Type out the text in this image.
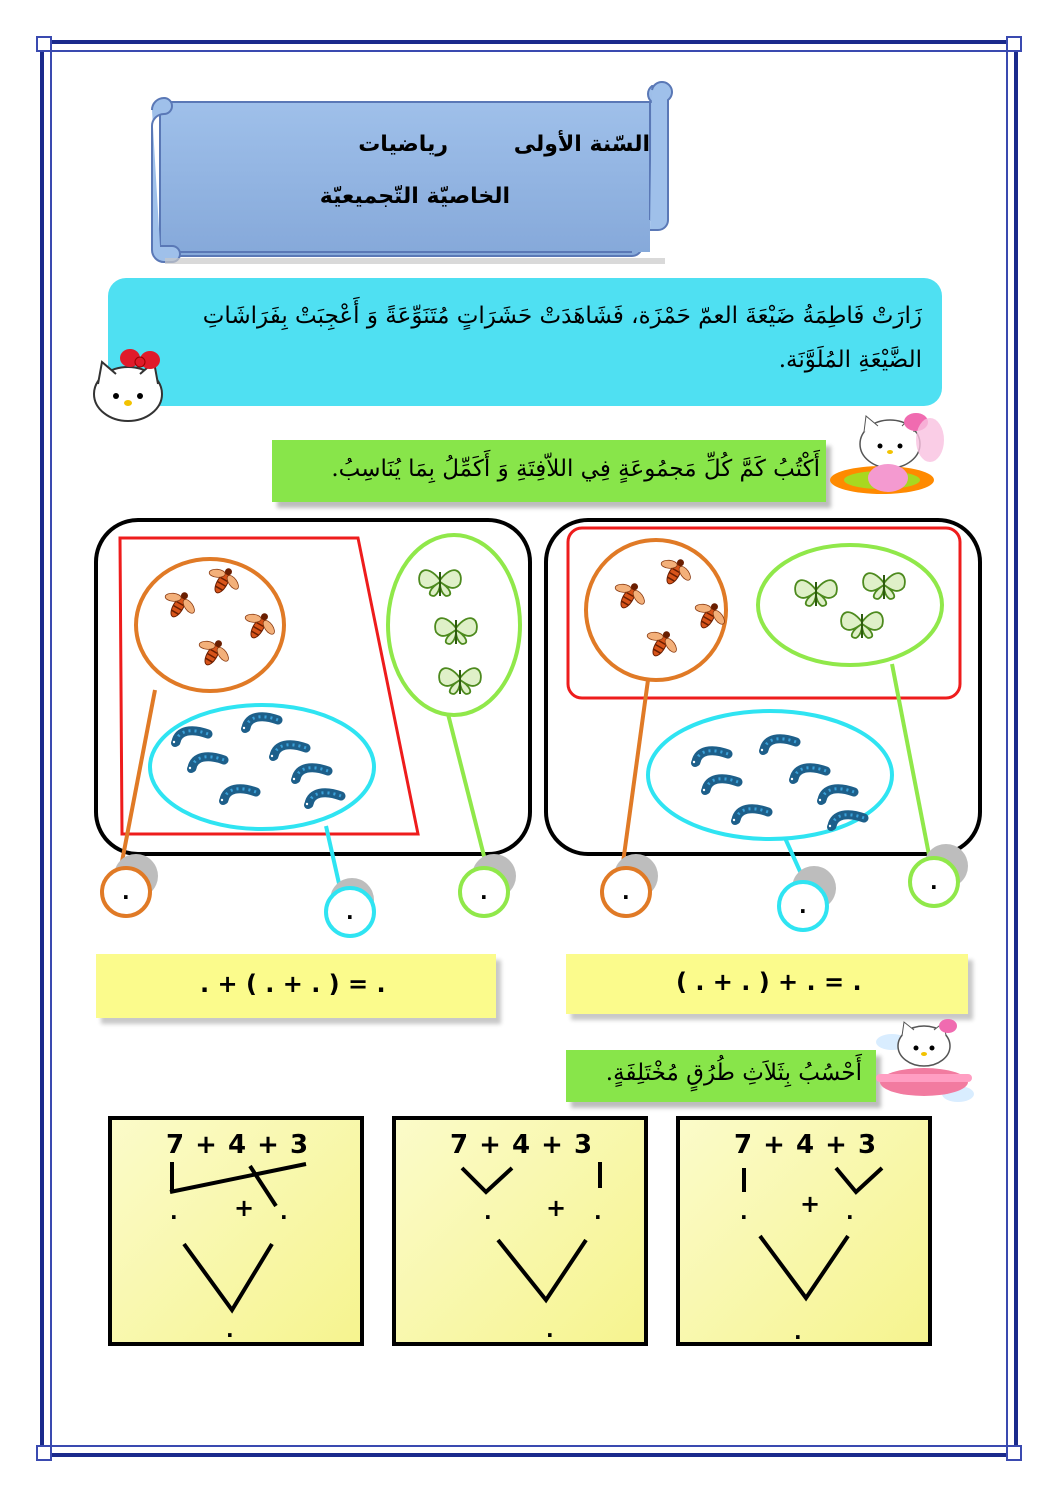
السّنة الأولى
رياضيات
الخاصيّة التّجميعيّة
زَارَتْ فَاطِمَةُ ضَيْعَةَ العمّ حَمْزَة، فَشَاهَدَتْ حَشَرَاتٍ مُتَنَوِّعَةً وَ أَعْجِبَتْ بِفَرَاشَاتِ
الضَّيْعَةِ المُلَوَّنَة.
أَكْتُبُ كَمَّ كُلِّ مَجمُوعَةٍ فِي اللاّفِتَةِ وَ أَكَمِّلُ بِمَا يُنَاسِبُ.
.
.
.	.
.
.
. + ( . + . ) = .	( . + . ) + . = .
أَحْسُبُ بِثَلاَثِ طُرُقٍ مُخْتَلِفَةٍ.
7 + 4 + 3	7 + 4 + 3	7 + 4 + 3
. + .
.
. + .
.
. + .
.
